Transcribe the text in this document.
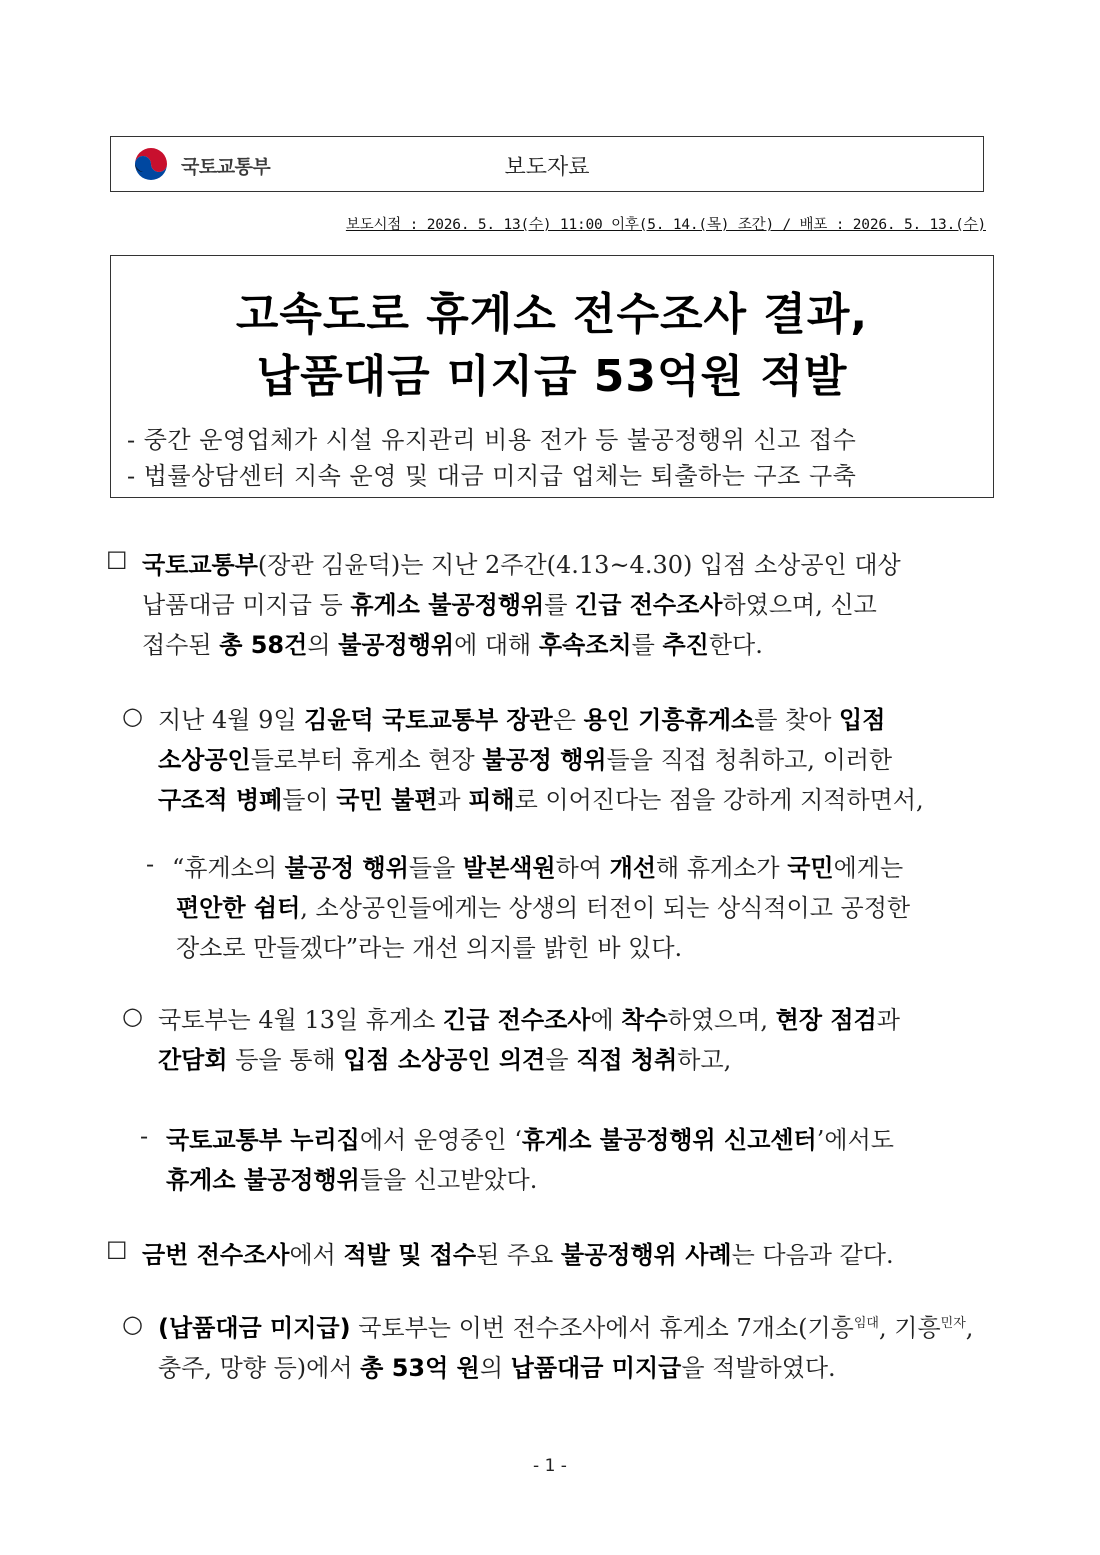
국토교통부	보도자료
보도시점 : 2026. 5. 13(수) 11:00 이후(5. 14.(목) 조간) / 배포 : 2026. 5. 13.(수)
고속도로 휴게소 전수조사 결과,
납품대금 미지급 53억원 적발
- 중간 운영업체가 시설 유지관리 비용 전가 등 불공정행위 신고 접수
- 법률상담센터 지속 운영 및 대금 미지급 업체는 퇴출하는 구조 구축
☐ 국토교통부(장관 김윤덕)는 지난 2주간(4.13~4.30) 입점 소상공인 대상
납품대금 미지급 등 휴게소 불공정행위를 긴급 전수조사하였으며, 신고
접수된 총 58건의 불공정행위에 대해 후속조치를 추진한다.
○ 지난 4월 9일 김윤덕 국토교통부 장관은 용인 기흥휴게소를 찾아 입점
소상공인들로부터 휴게소 현장 불공정 행위들을 직접 청취하고, 이러한
구조적 병폐들이 국민 불편과 피해로 이어진다는 점을 강하게 지적하면서,
- “휴게소의 불공정 행위들을 발본색원하여 개선해 휴게소가 국민에게는
편안한 쉼터, 소상공인들에게는 상생의 터전이 되는 상식적이고 공정한
장소로 만들겠다”라는 개선 의지를 밝힌 바 있다.
○ 국토부는 4월 13일 휴게소 긴급 전수조사에 착수하였으며, 현장 점검과
간담회 등을 통해 입점 소상공인 의견을 직접 청취하고,
- 국토교통부 누리집에서 운영중인 ‘휴게소 불공정행위 신고센터’에서도
휴게소 불공정행위들을 신고받았다.
☐ 금번 전수조사에서 적발 및 접수된 주요 불공정행위 사례는 다음과 같다.
○ (납품대금 미지급) 국토부는 이번 전수조사에서 휴게소 7개소(기흥$^{임대}$, 기흥$^{민자}$,
충주, 망향 등)에서 총 53억 원의 납품대금 미지급을 적발하였다.
- 1 -
